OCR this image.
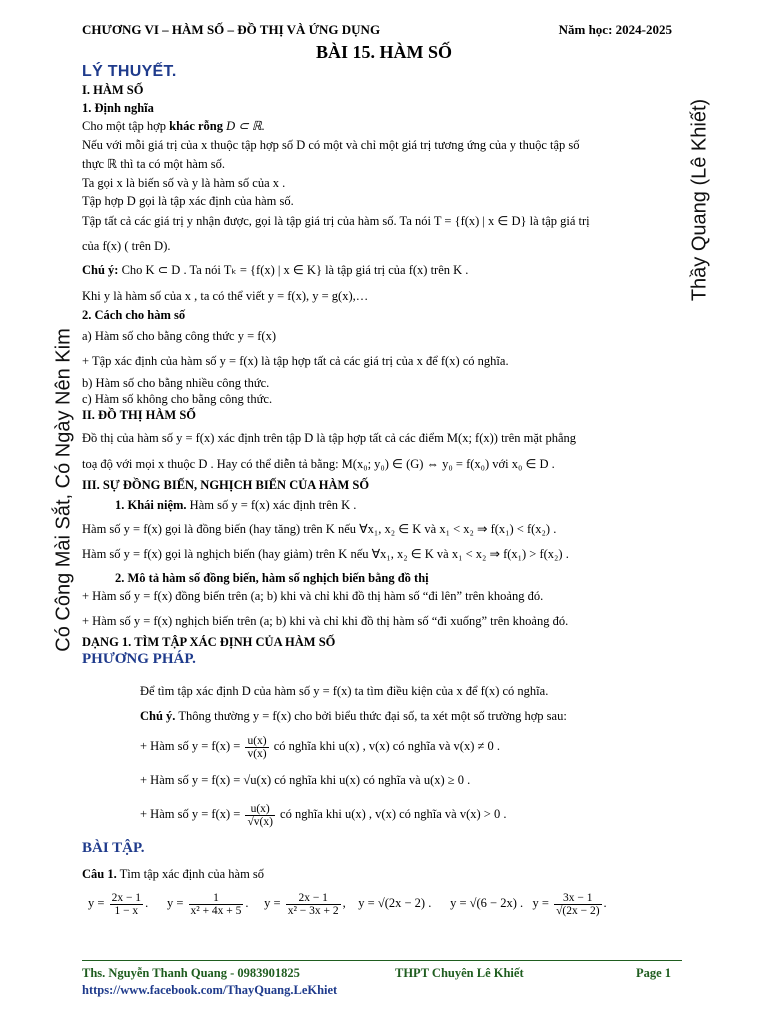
CHƯƠNG VI – HÀM SỐ – ĐỒ THỊ VÀ ỨNG DỤNG	Năm học: 2024-2025
BÀI 15. HÀM SỐ
Có Công Mài Sắt, Có Ngày Nên Kim
Thầy Quang (Lê Khiết)
LÝ THUYẾT.
I. HÀM SỐ
1. Định nghĩa
Cho một tập hợp khác rỗng D ⊂ ℝ.
Nếu với mỗi giá trị của x thuộc tập hợp số D có một và chỉ một giá trị tương ứng của y thuộc tập số
thực ℝ thì ta có một hàm số.
Ta gọi x là biến số và y là hàm số của x .
Tập hợp D gọi là tập xác định của hàm số.
Tập tất cả các giá trị y nhận được, gọi là tập giá trị của hàm số. Ta nói T = {f(x) | x ∈ D} là tập giá trị
của f(x) ( trên D).
Chú ý: Cho K ⊂ D . Ta nói Tₖ = {f(x) | x ∈ K} là tập giá trị của f(x) trên K .
Khi y là hàm số của x , ta có thể viết y = f(x), y = g(x),…
2. Cách cho hàm số
a) Hàm số cho bằng công thức y = f(x)
+ Tập xác định của hàm số y = f(x) là tập hợp tất cả các giá trị của x để f(x) có nghĩa.
b) Hàm số cho bằng nhiều công thức.
c) Hàm số không cho bằng công thức.
II. ĐỒ THỊ HÀM SỐ
Đồ thị của hàm số y = f(x) xác định trên tập D là tập hợp tất cả các điểm M(x; f(x)) trên mặt phẳng
toạ độ với mọi x thuộc D . Hay có thể diễn tả bằng: M(x₀; y₀) ∈ (G) ⇔ y₀ = f(x₀) với x₀ ∈ D .
III. SỰ ĐỒNG BIẾN, NGHỊCH BIẾN CỦA HÀM SỐ
1. Khái niệm. Hàm số y = f(x) xác định trên K .
Hàm số y = f(x) gọi là đồng biến (hay tăng) trên K nếu ∀x₁, x₂ ∈ K và x₁ < x₂ ⇒ f(x₁) < f(x₂) .
Hàm số y = f(x) gọi là nghịch biến (hay giảm) trên K nếu ∀x₁, x₂ ∈ K và x₁ < x₂ ⇒ f(x₁) > f(x₂) .
2. Mô tả hàm số đồng biến, hàm số nghịch biến bằng đồ thị
+ Hàm số y = f(x) đồng biến trên (a; b) khi và chỉ khi đồ thị hàm số “đi lên” trên khoảng đó.
+ Hàm số y = f(x) nghịch biến trên (a; b) khi và chỉ khi đồ thị hàm số “đi xuống” trên khoảng đó.
DẠNG 1. TÌM TẬP XÁC ĐỊNH CỦA HÀM SỐ
PHƯƠNG PHÁP.
Để tìm tập xác định D của hàm số y = f(x) ta tìm điều kiện của x để f(x) có nghĩa.
Chú ý. Thông thường y = f(x) cho bởi biểu thức đại số, ta xét một số trường hợp sau:
+ Hàm số $y = f(x) = \frac{u(x)}{v(x)}$ có nghĩa khi u(x) , v(x) có nghĩa và v(x) ≠ 0 .
+ Hàm số y = f(x) = √u(x) có nghĩa khi u(x) có nghĩa và u(x) ≥ 0 .
+ Hàm số $y = f(x) = \frac{u(x)}{√v(x)}$ có nghĩa khi u(x) , v(x) có nghĩa và v(x) > 0 .
BÀI TẬP.
Câu 1. Tìm tập xác định của hàm số
$y = \frac{2x - 1}{1 - x}$ .      $y = \frac{1}{\text{x² + 4x + 5}}$ .     $y = \frac{2x - 1}{\text{x² − 3x + 2}}$ ,    y = √(2x − 2) . y = √(6 − 2x) . $y = \frac{3x - 1}{√(2x - 2)}$ .
Ths. Nguyễn Thanh Quang - 0983901825	THPT Chuyên Lê Khiết	Page 1
https://www.facebook.com/ThayQuang.LeKhiet
